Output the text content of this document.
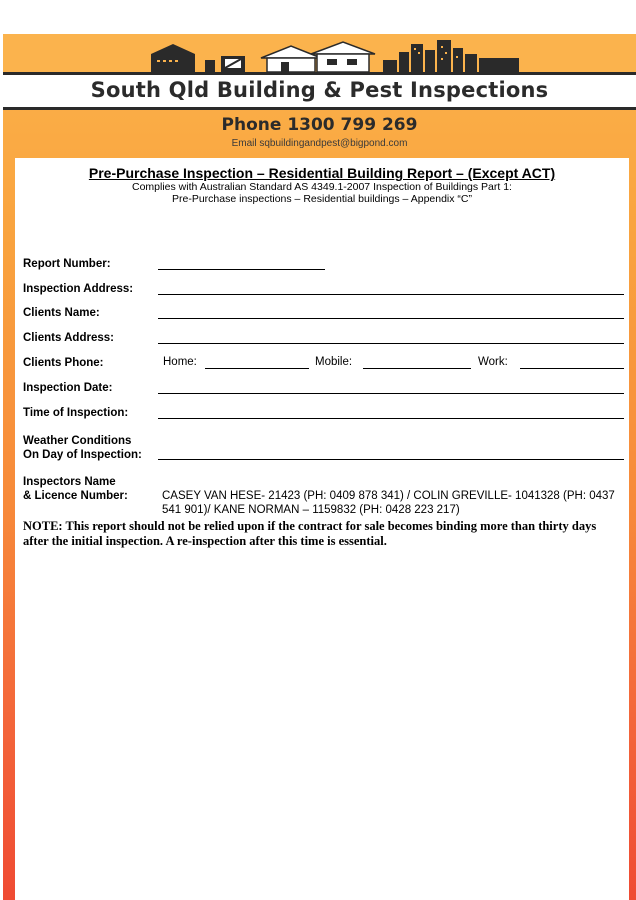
South Qld Building & Pest Inspections
Phone 1300 799 269
Email sqbuildingandpest@bigpond.com
Pre-Purchase Inspection – Residential Building Report – (Except ACT)
Complies with Australian Standard AS 4349.1-2007 Inspection of Buildings Part 1:
Pre-Purchase inspections – Residential buildings – Appendix “C”
Report Number:
Inspection Address:
Clients Name:
Clients Address:
Clients Phone:	Home:	Mobile:	Work:
Inspection Date:
Time of Inspection:
Weather Conditions
On Day of Inspection:
Inspectors Name
& Licence Number:	CASEY VAN HESE- 21423 (PH: 0409 878 341) / COLIN GREVILLE- 1041328 (PH: 0437 541 901)/ KANE NORMAN – 1159832 (PH: 0428 223 217)
NOTE: This report should not be relied upon if the contract for sale becomes binding more than thirty days after the initial inspection. A re-inspection after this time is essential.
